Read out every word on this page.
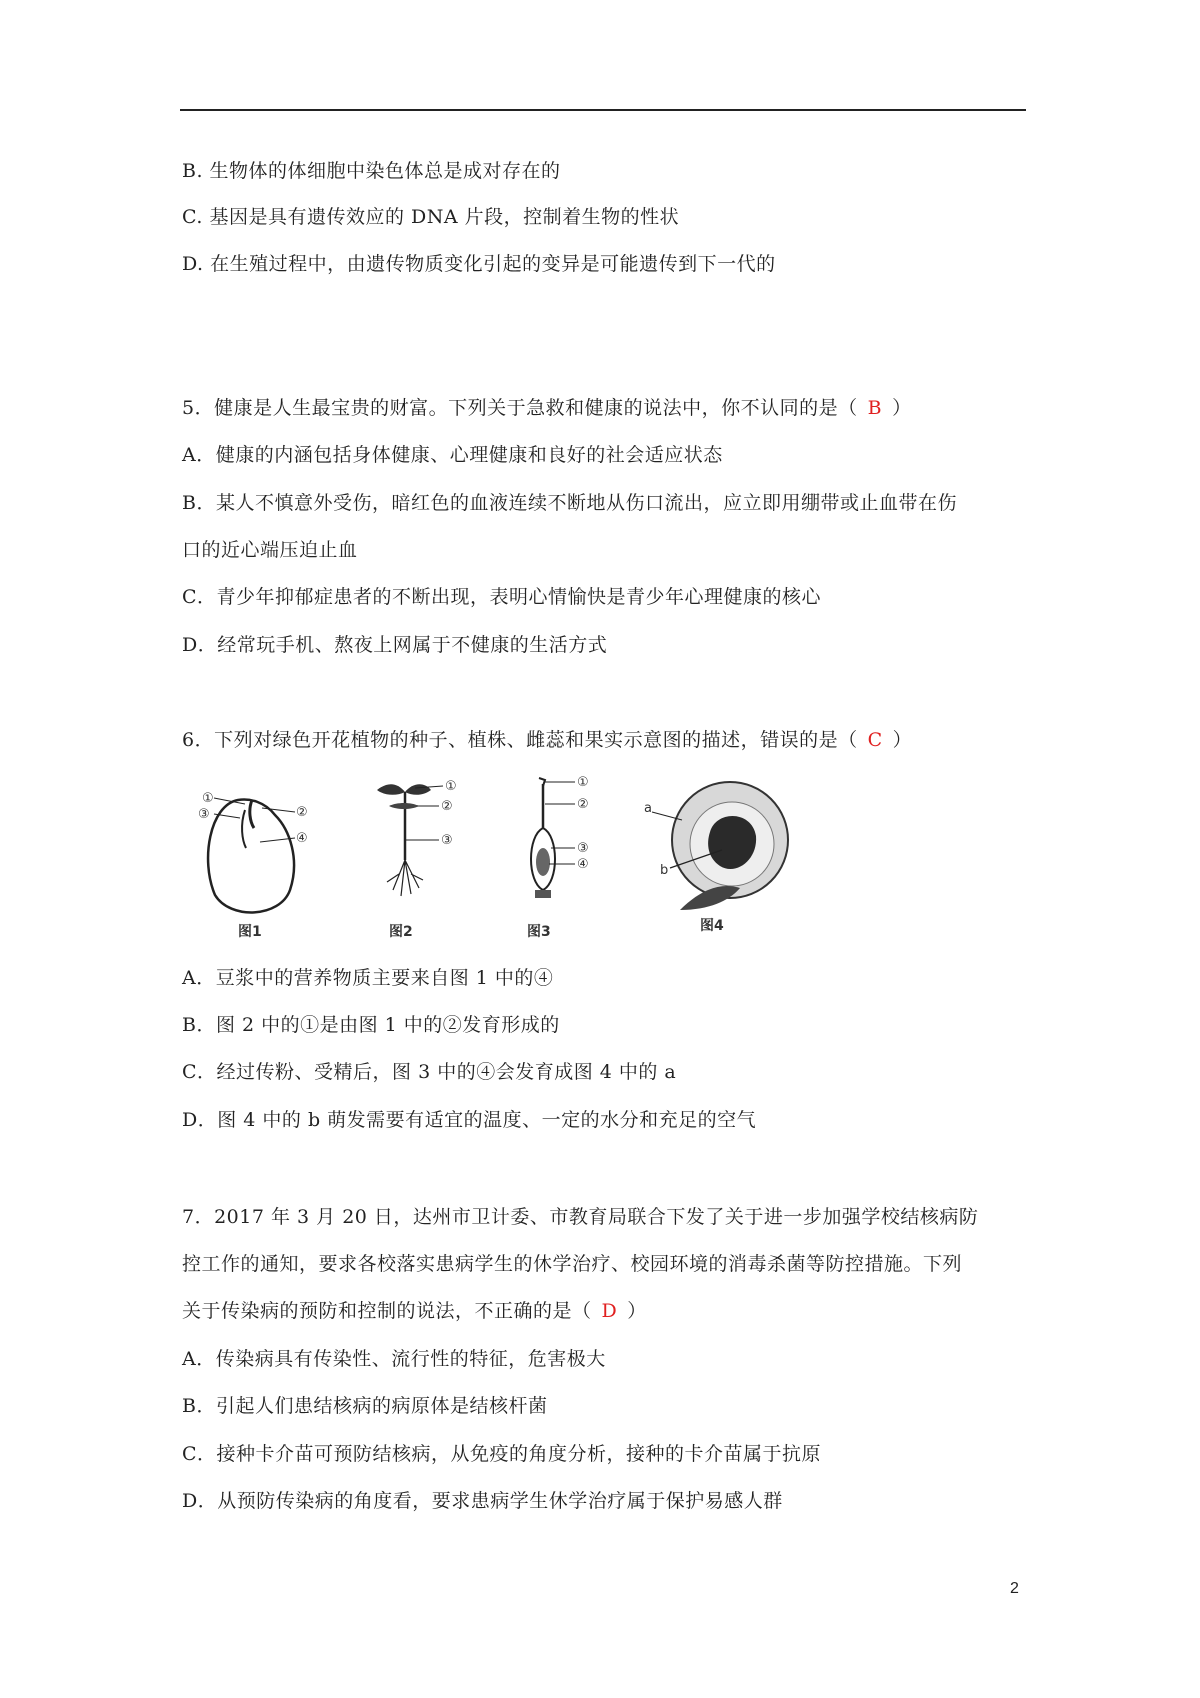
B. 生物体的体细胞中染色体总是成对存在的
C. 基因是具有遗传效应的 DNA 片段，控制着生物的性状
D. 在生殖过程中，由遗传物质变化引起的变异是可能遗传到下一代的
5．健康是人生最宝贵的财富。下列关于急救和健康的说法中，你不认同的是（ B ）
A．健康的内涵包括身体健康、心理健康和良好的社会适应状态
B．某人不慎意外受伤，暗红色的血液连续不断地从伤口流出，应立即用绷带或止血带在伤
口的近心端压迫止血
C．青少年抑郁症患者的不断出现，表明心情愉快是青少年心理健康的核心
D．经常玩手机、熬夜上网属于不健康的生活方式
6．下列对绿色开花植物的种子、植株、雌蕊和果实示意图的描述，错误的是（ C ）
①
③	②
④
图1
①
②
③
图2
①
②
③
④
图3
a
b
图4
A．豆浆中的营养物质主要来自图 1 中的④
B．图 2 中的①是由图 1 中的②发育形成的
C．经过传粉、受精后，图 3 中的④会发育成图 4 中的 a
D．图 4 中的 b 萌发需要有适宜的温度、一定的水分和充足的空气
7．2017 年 3 月 20 日，达州市卫计委、市教育局联合下发了关于进一步加强学校结核病防
控工作的通知，要求各校落实患病学生的休学治疗、校园环境的消毒杀菌等防控措施。下列
关于传染病的预防和控制的说法，不正确的是（ D ）
A．传染病具有传染性、流行性的特征，危害极大
B．引起人们患结核病的病原体是结核杆菌
C．接种卡介苗可预防结核病，从免疫的角度分析，接种的卡介苗属于抗原
D．从预防传染病的角度看，要求患病学生休学治疗属于保护易感人群
2
